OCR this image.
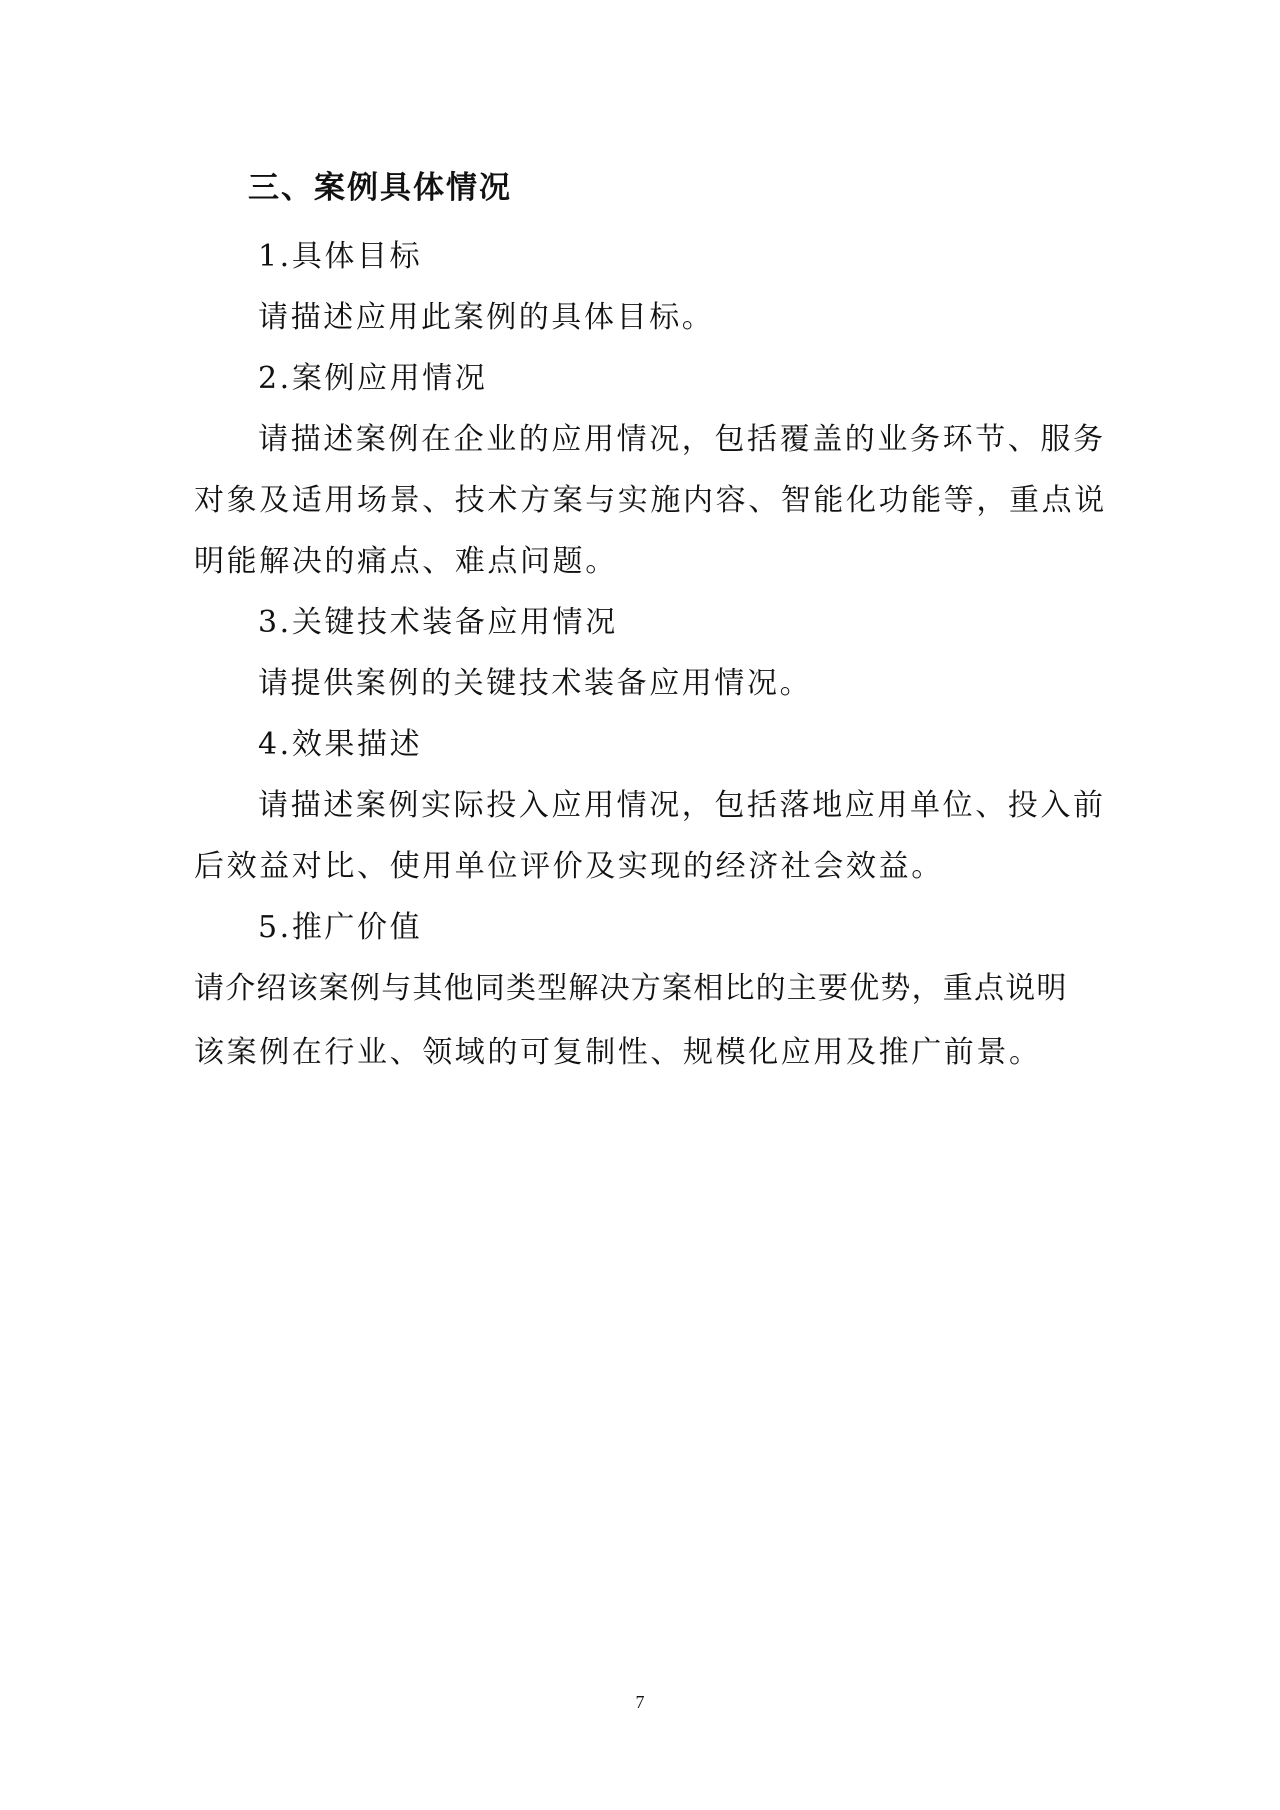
三、案例具体情况
1.具体目标
请描述应用此案例的具体目标。
2.案例应用情况
请描述案例在企业的应用情况，包括覆盖的业务环节、服务
对象及适用场景、技术方案与实施内容、智能化功能等，重点说
明能解决的痛点、难点问题。
3.关键技术装备应用情况
请提供案例的关键技术装备应用情况。
4.效果描述
请描述案例实际投入应用情况，包括落地应用单位、投入前
后效益对比、使用单位评价及实现的经济社会效益。
5.推广价值
请介绍该案例与其他同类型解决方案相比的主要优势，重点说明
该案例在行业、领域的可复制性、规模化应用及推广前景。
7
